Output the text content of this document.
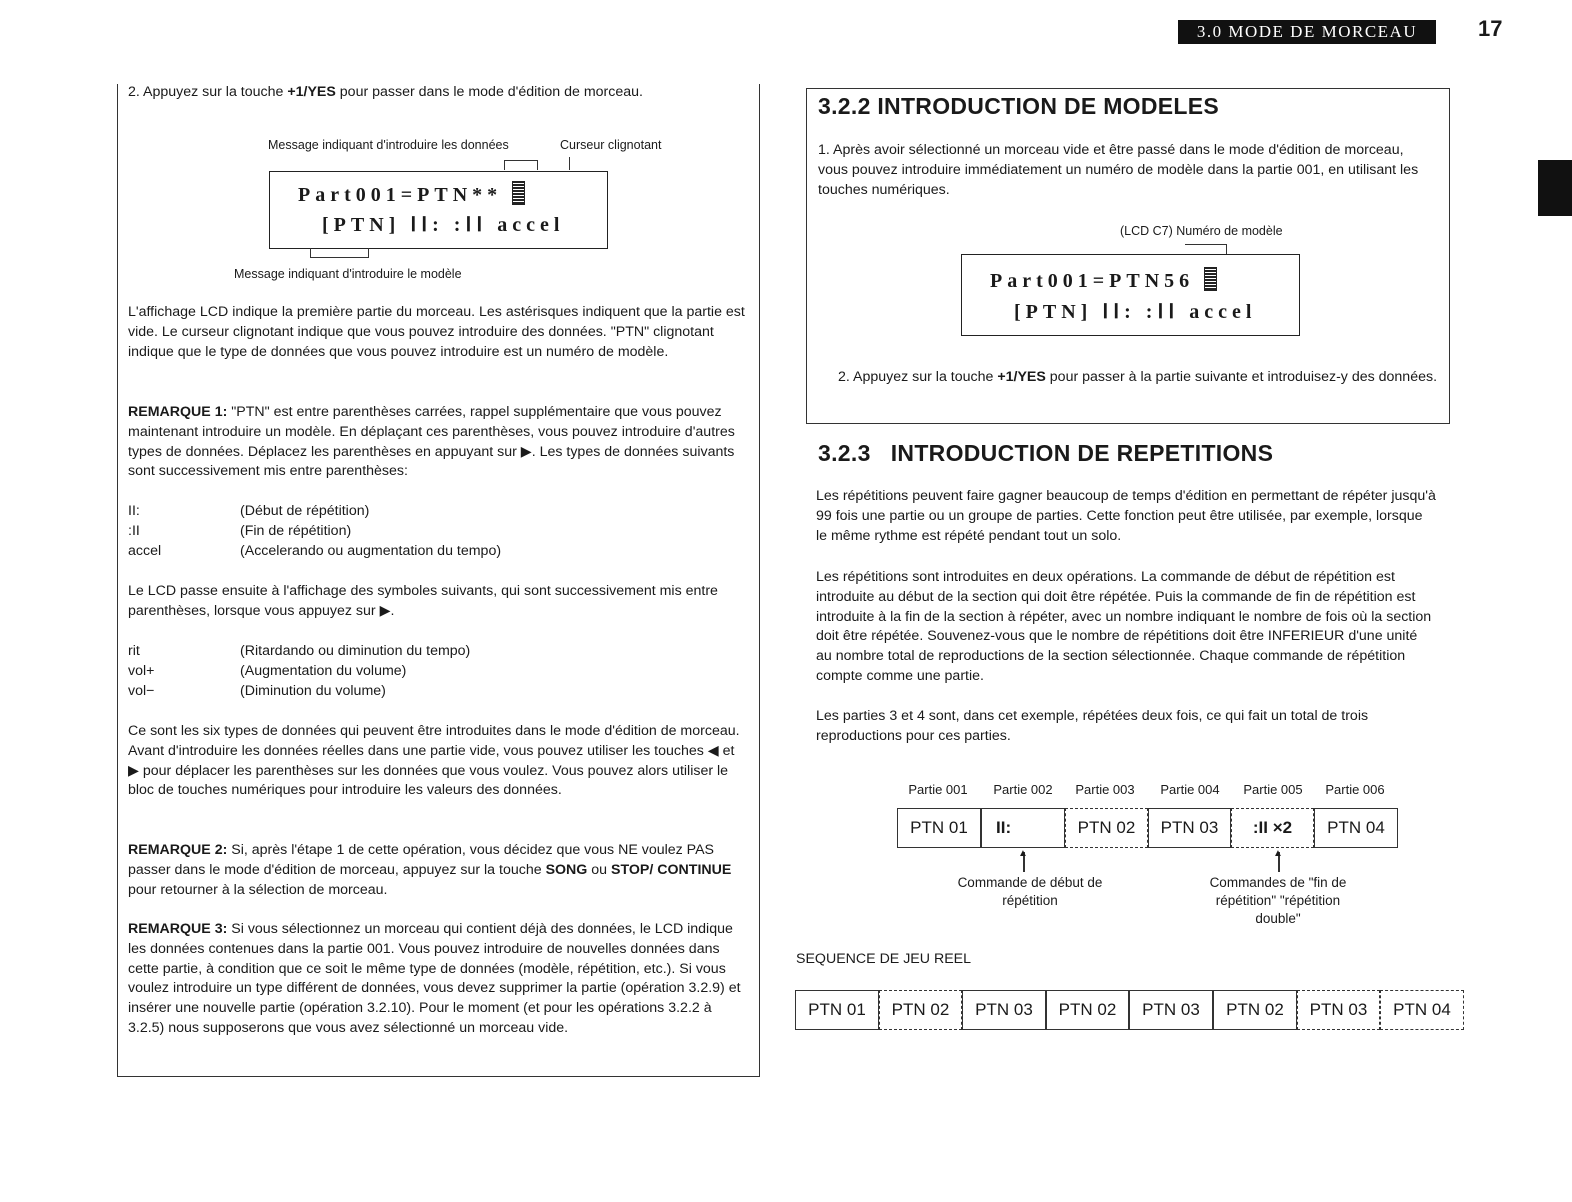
3.0 MODE DE MORCEAU	17

2. Appuyez sur la touche +1/YES pour passer dans le mode d'édition de morceau.

Message indiquant d'introduire les données	Curseur clignotant
Part001=PTN**
[PTN] ⅠⅠ: :ⅠⅠ accel
Message indiquant d'introduire le modèle

L'affichage LCD indique la première partie du morceau. Les astérisques indiquent que la partie est vide. Le curseur clignotant indique que vous pouvez introduire des données. "PTN" clignotant indique que le type de données que vous pouvez introduire est un numéro de modèle.

REMARQUE 1: "PTN" est entre parenthèses carrées, rappel supplémentaire que vous pouvez maintenant introduire un modèle. En déplaçant ces parenthèses, vous pouvez introduire d'autres types de données. Déplacez les parenthèses en appuyant sur ▶. Les types de données suivants sont successivement mis entre parenthèses:

II:	(Début de répétition)
:II	(Fin de répétition)
accel	(Accelerando ou augmentation du tempo)

Le LCD passe ensuite à l'affichage des symboles suivants, qui sont successivement mis entre parenthèses, lorsque vous appuyez sur ▶.

rit	(Ritardando ou diminution du tempo)
vol+	(Augmentation du volume)
vol−	(Diminution du volume)

Ce sont les six types de données qui peuvent être introduites dans le mode d'édition de morceau. Avant d'introduire les données réelles dans une partie vide, vous pouvez utiliser les touches ◀ et ▶ pour déplacer les parenthèses sur les données que vous voulez. Vous pouvez alors utiliser le bloc de touches numériques pour introduire les valeurs des données.

REMARQUE 2: Si, après l'étape 1 de cette opération, vous décidez que vous NE voulez PAS passer dans le mode d'édition de morceau, appuyez sur la touche SONG ou STOP/ CONTINUE pour retourner à la sélection de morceau.

REMARQUE 3: Si vous sélectionnez un morceau qui contient déjà des données, le LCD indique les données contenues dans la partie 001. Vous pouvez introduire de nouvelles données dans cette partie, à condition que ce soit le même type de données (modèle, répétition, etc.). Si vous voulez introduire un type différent de données, vous devez supprimer la partie (opération 3.2.9) et insérer une nouvelle partie (opération 3.2.10). Pour le moment (et pour les opérations 3.2.2 à 3.2.5) nous supposerons que vous avez sélectionné un morceau vide.

3.2.2 INTRODUCTION DE MODELES

1. Après avoir sélectionné un morceau vide et être passé dans le mode d'édition de morceau, vous pouvez introduire immédiatement un numéro de modèle dans la partie 001, en utilisant les touches numériques.

(LCD C7) Numéro de modèle
Part001=PTN56
[PTN] ⅠⅠ: :ⅠⅠ accel

2. Appuyez sur la touche +1/YES pour passer à la partie suivante et introduisez-y des données.

3.2.3   INTRODUCTION DE REPETITIONS

Les répétitions peuvent faire gagner beaucoup de temps d'édition en permettant de répéter jusqu'à 99 fois une partie ou un groupe de parties. Cette fonction peut être utilisée, par exemple, lorsque le même rythme est répété pendant tout un solo.

Les répétitions sont introduites en deux opérations. La commande de début de répétition est introduite au début de la section qui doit être répétée. Puis la commande de fin de répétition est introduite à la fin de la section à répéter, avec un nombre indiquant le nombre de fois où la section doit être répétée. Souvenez-vous que le nombre de répétitions doit être INFERIEUR d'une unité au nombre total de reproductions de la section sélectionnée. Chaque commande de répétition compte comme une partie.

Les parties 3 et 4 sont, dans cet exemple, répétées deux fois, ce qui fait un total de trois reproductions pour ces parties.

Partie 001	Partie 002	Partie 003	Partie 004	Partie 005	Partie 006
PTN 01	II:	PTN 02	PTN 03	:II ×2	PTN 04
▲	▲
Commande de début de répétition
Commandes de "fin de répétition" "répétition double"
SEQUENCE DE JEU REEL
PTN 01	PTN 02	PTN 03	PTN 02	PTN 03	PTN 02	PTN 03	PTN 04
